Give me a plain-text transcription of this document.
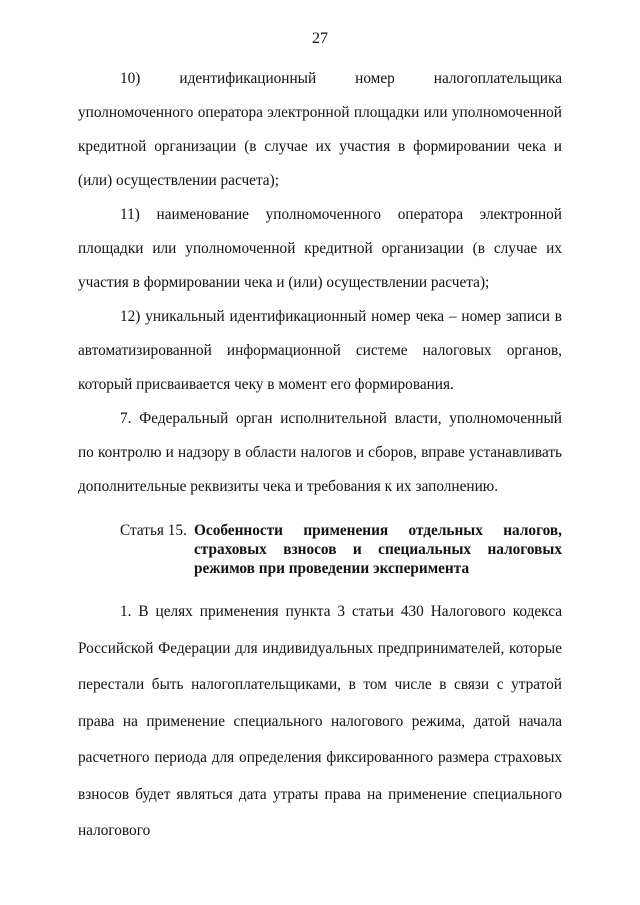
27

10) идентификационный номер налогоплательщика уполномоченного оператора электронной площадки или уполномоченной кредитной организации (в случае их участия в формировании чека и (или) осуществлении расчета);

11) наименование уполномоченного оператора электронной площадки или уполномоченной кредитной организации (в случае их участия в формировании чека и (или) осуществлении расчета);

12) уникальный идентификационный номер чека – номер записи в автоматизированной информационной системе налоговых органов, который присваивается чеку в момент его формирования.

7. Федеральный орган исполнительной власти, уполномоченный по контролю и надзору в области налогов и сборов, вправе устанавливать дополнительные реквизиты чека и требования к их заполнению.

Статья 15. Особенности применения отдельных налогов, страховых взносов и специальных налоговых режимов при проведении эксперимента

1. В целях применения пункта 3 статьи 430 Налогового кодекса Российской Федерации для индивидуальных предпринимателей, которые перестали быть налогоплательщиками, в том числе в связи с утратой права на применение специального налогового режима, датой начала расчетного периода для определения фиксированного размера страховых взносов будет являться дата утраты права на применение специального налогового
